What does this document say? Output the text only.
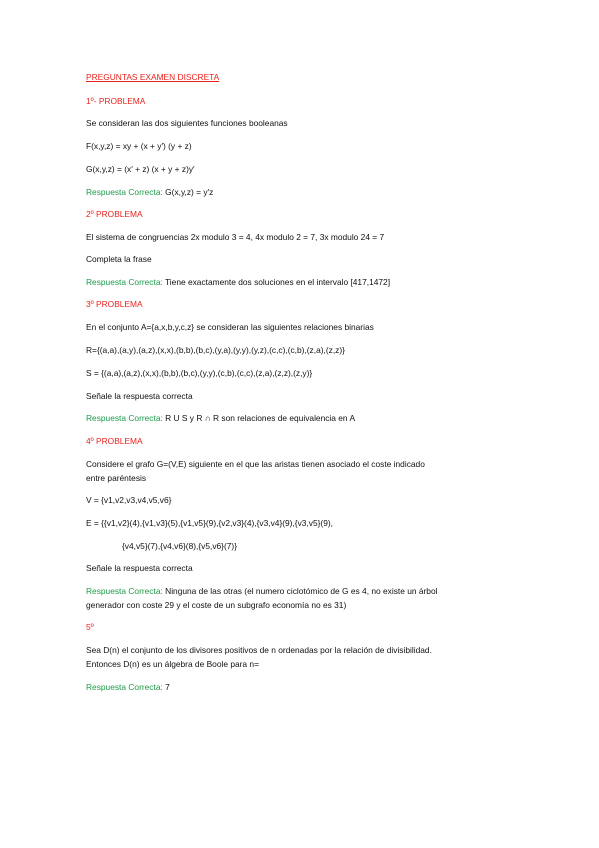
PREGUNTAS EXAMEN DISCRETA
1º- PROBLEMA
Se consideran las dos siguientes funciones booleanas
F(x,y,z) = xy + (x + y′) (y + z)
G(x,y,z) = (x′ + z) (x + y + z)y′
Respuesta Correcta: G(x,y,z) = y′z
2º PROBLEMA
El sistema de congruencias 2x modulo 3 = 4, 4x modulo 2 = 7, 3x modulo 24 = 7
Completa la frase
Respuesta Correcta: Tiene exactamente dos soluciones en el intervalo [417,1472]
3º PROBLEMA
En el conjunto A={a,x,b,y,c,z} se consideran las siguientes relaciones binarias
R={(a,a),(a,y),(a,z),(x,x),(b,b),(b,c),(y,a),(y,y),(y,z),(c,c),(c,b),(z,a),(z,z)}
S = {(a,a),(a,z),(x,x),(b,b),(b,c),(y,y),(c,b),(c,c),(z,a),(z,z),(z,y)}
Señale la respuesta correcta
Respuesta Correcta: R U S y R ∩ R son relaciones de equivalencia en A
4º PROBLEMA
Considere el grafo G=(V,E) siguiente en el que las aristas tienen asociado el coste indicado
entre paréntesis
V = {v1,v2,v3,v4,v5,v6}
E = {{v1,v2}(4),{v1,v3}(5),{v1,v5}(9),{v2,v3}(4),{v3,v4}(9),{v3,v5}(9),
{v4,v5}(7),{v4,v6}(8),{v5,v6}(7)}
Señale la respuesta correcta
Respuesta Correcta: Ninguna de las otras (el numero ciclotómico de G es 4, no existe un árbol
generador con coste 29 y el coste de un subgrafo economía no es 31)
5º
Sea D(n) el conjunto de los divisores positivos de n ordenadas por la relación de divisibilidad.
Entonces D(n) es un álgebra de Boole para n=
Respuesta Correcta: 7
